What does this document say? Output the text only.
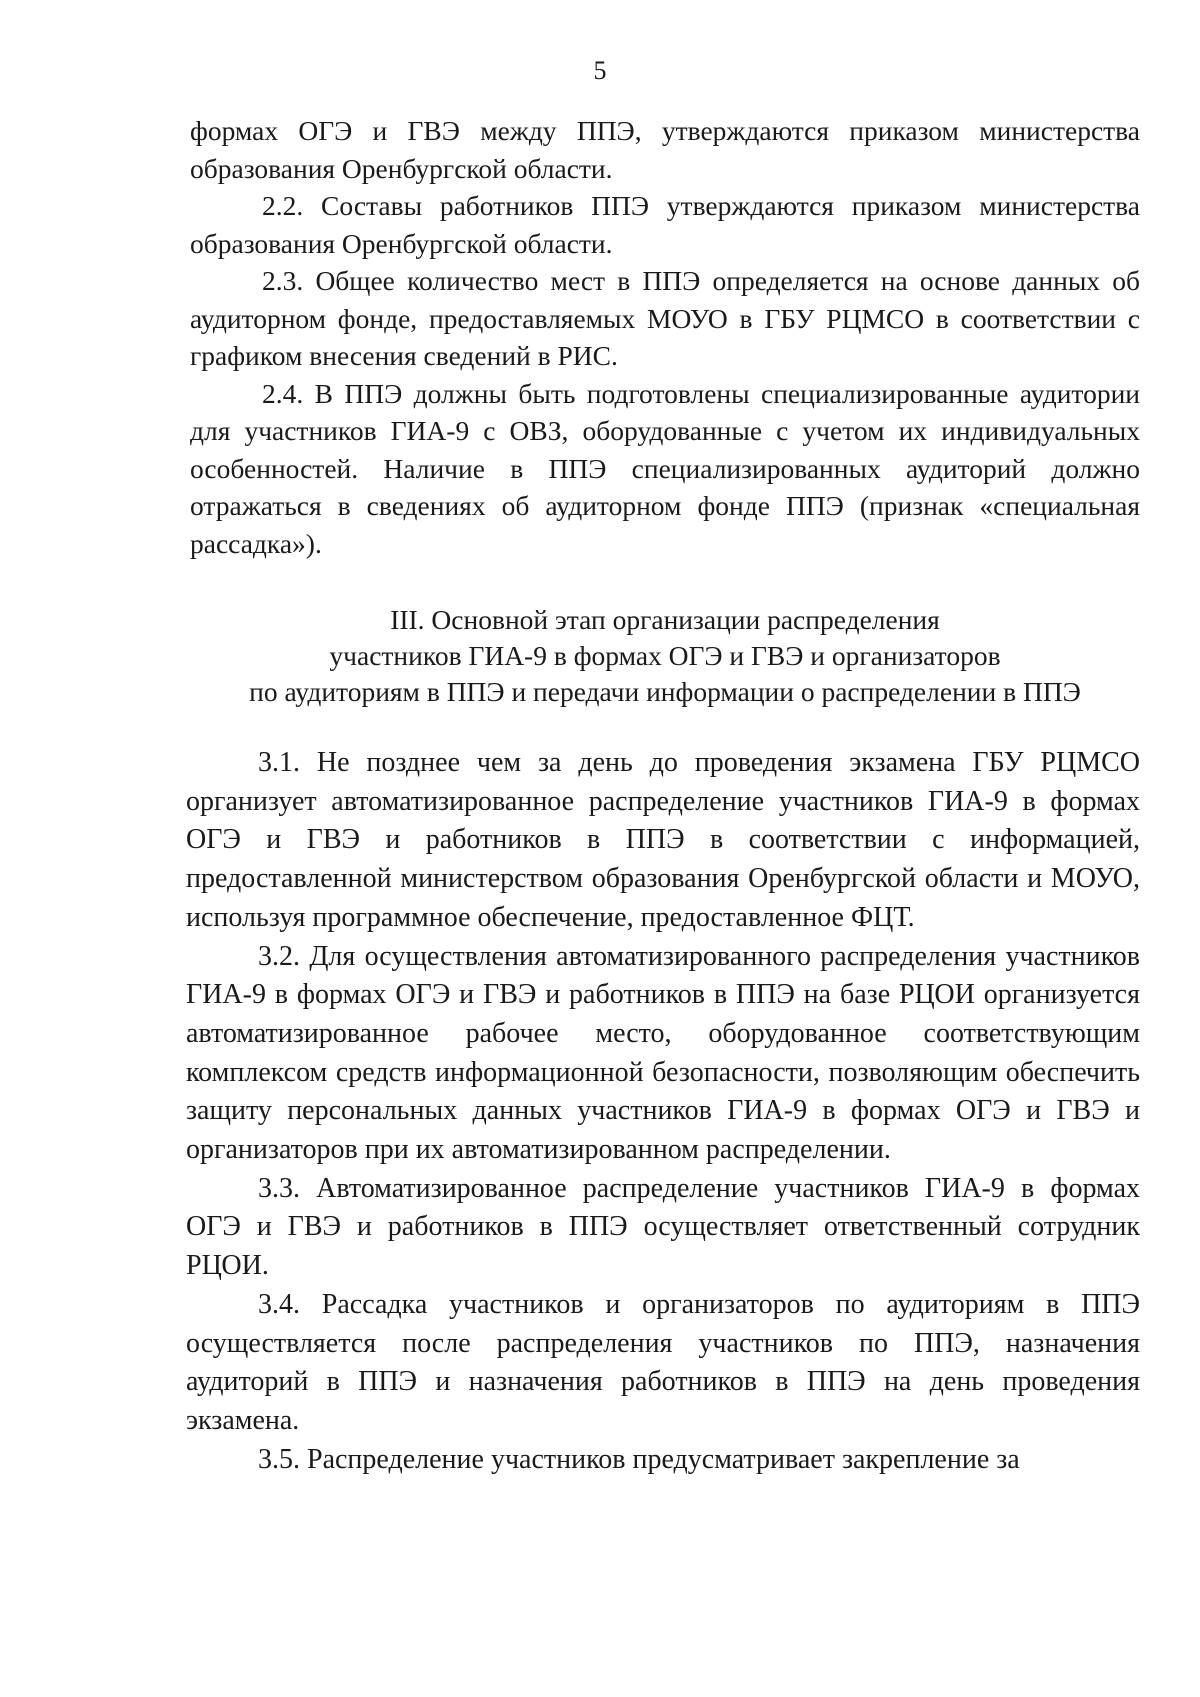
5

формах ОГЭ и ГВЭ между ППЭ, утверждаются приказом министерства образования Оренбургской области.

2.2. Составы работников ППЭ утверждаются приказом министерства образования Оренбургской области.

2.3. Общее количество мест в ППЭ определяется на основе данных об аудиторном фонде, предоставляемых МОУО в ГБУ РЦМСО в соответствии с графиком внесения сведений в РИС.

2.4. В ППЭ должны быть подготовлены специализированные аудитории для участников ГИА-9 с ОВЗ, оборудованные с учетом их индивидуальных особенностей. Наличие в ППЭ специализированных аудиторий должно отражаться в сведениях об аудиторном фонде ППЭ (признак «специальная рассадка»).

III. Основной этап организации распределения
участников ГИА-9 в формах ОГЭ и ГВЭ и организаторов
по аудиториям в ППЭ и передачи информации о распределении в ППЭ

3.1. Не позднее чем за день до проведения экзамена ГБУ РЦМСО организует автоматизированное распределение участников ГИА-9 в формах ОГЭ и ГВЭ и работников в ППЭ в соответствии с информацией, предоставленной министерством образования Оренбургской области и МОУО, используя программное обеспечение, предоставленное ФЦТ.

3.2. Для осуществления автоматизированного распределения участников ГИА-9 в формах ОГЭ и ГВЭ и работников в ППЭ на базе РЦОИ организуется автоматизированное рабочее место, оборудованное соответствующим комплексом средств информационной безопасности, позволяющим обеспечить защиту персональных данных участников ГИА-9 в формах ОГЭ и ГВЭ и организаторов при их автоматизированном распределении.

3.3. Автоматизированное распределение участников ГИА-9 в формах ОГЭ и ГВЭ и работников в ППЭ осуществляет ответственный сотрудник РЦОИ.

3.4. Рассадка участников и организаторов по аудиториям в ППЭ осуществляется после распределения участников по ППЭ, назначения аудиторий в ППЭ и назначения работников в ППЭ на день проведения экзамена.

3.5. Распределение участников предусматривает закрепление за
